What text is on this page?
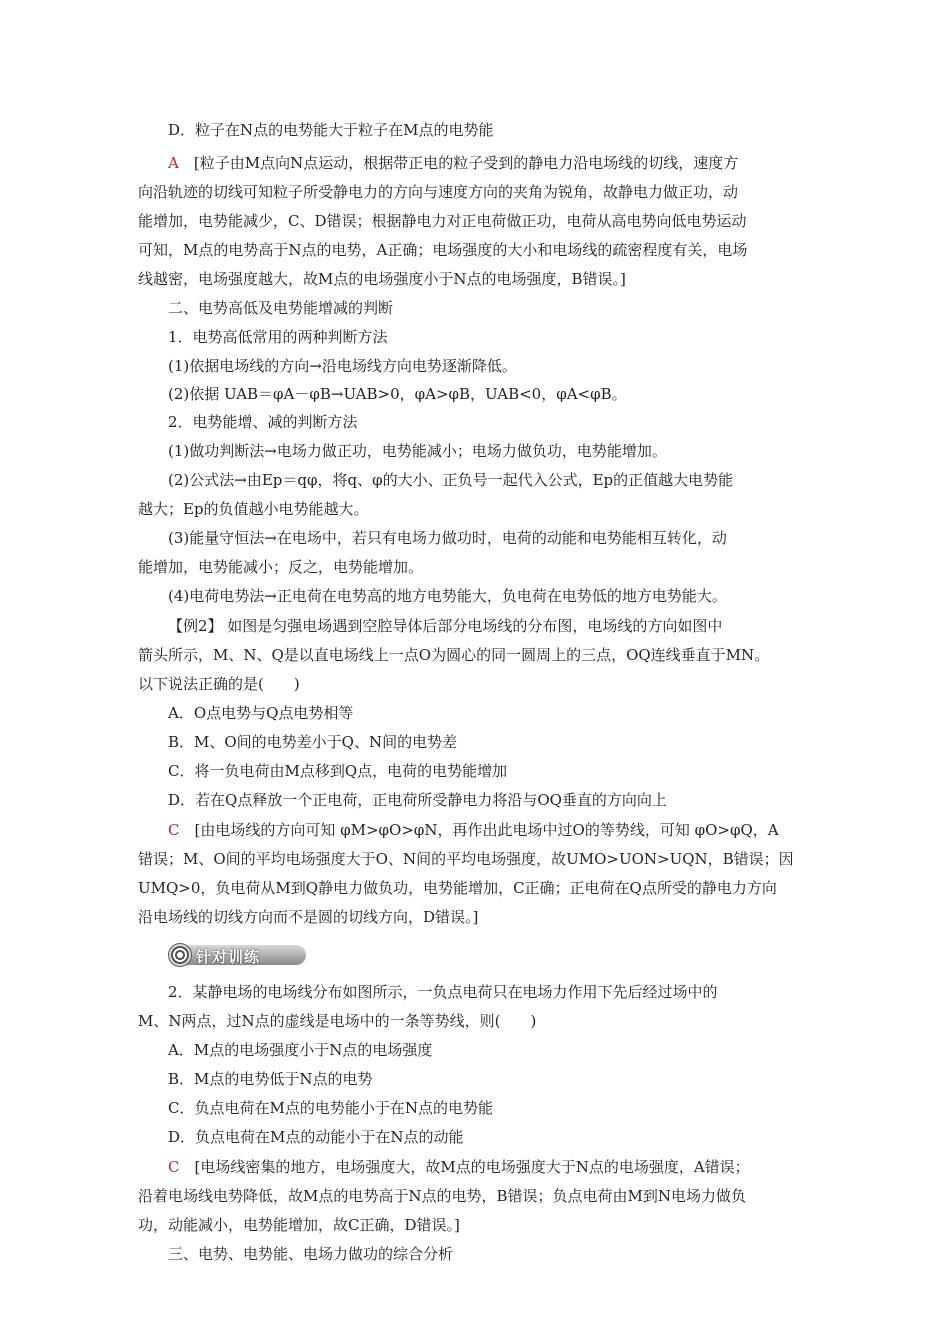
D．粒子在N点的电势能大于粒子在M点的电势能
A　 [粒子由M点向N点运动，根据带正电的粒子受到的静电力沿电场线的切线，速度方
向沿轨迹的切线可知粒子所受静电力的方向与速度方向的夹角为锐角，故静电力做正功，动
能增加，电势能减少，C、D错误；根据静电力对正电荷做正功，电荷从高电势向低电势运动
可知，M点的电势高于N点的电势，A正确；电场强度的大小和电场线的疏密程度有关，电场
线越密，电场强度越大，故M点的电场强度小于N点的电场强度，B错误。]
二、电势高低及电势能增减的判断
1．电势高低常用的两种判断方法
(1)依据电场线的方向→沿电场线方向电势逐渐降低。
(2)依据 UAB＝φA－φB→UAB>0，φA>φB，UAB<0，φA<φB。
2．电势能增、减的判断方法
(1)做功判断法→电场力做正功，电势能减小；电场力做负功，电势能增加。
(2)公式法→由Ep＝qφ，将q、φ的大小、正负号一起代入公式，Ep的正值越大电势能
越大；Ep的负值越小电势能越大。
(3)能量守恒法→在电场中，若只有电场力做功时，电荷的动能和电势能相互转化，动
能增加，电势能减小；反之，电势能增加。
(4)电荷电势法→正电荷在电势高的地方电势能大，负电荷在电势低的地方电势能大。
【例2】 如图是匀强电场遇到空腔导体后部分电场线的分布图，电场线的方向如图中
箭头所示，M、N、Q是以直电场线上一点O为圆心的同一圆周上的三点，OQ连线垂直于MN。
以下说法正确的是(　　)
A．O点电势与Q点电势相等
B．M、O间的电势差小于Q、N间的电势差
C．将一负电荷由M点移到Q点，电荷的电势能增加
D．若在Q点释放一个正电荷，正电荷所受静电力将沿与OQ垂直的方向向上
C　 [由电场线的方向可知 φM>φO>φN，再作出此电场中过O的等势线，可知 φO>φQ，A
错误；M、O间的平均电场强度大于O、N间的平均电场强度，故UMO>UON>UQN，B错误；因
UMQ>0，负电荷从M到Q静电力做负功，电势能增加，C正确；正电荷在Q点所受的静电力方向
沿电场线的切线方向而不是圆的切线方向，D错误。]
针对训练
2．某静电场的电场线分布如图所示，一负点电荷只在电场力作用下先后经过场中的
M、N两点，过N点的虚线是电场中的一条等势线，则(　　)
A．M点的电场强度小于N点的电场强度
B．M点的电势低于N点的电势
C．负点电荷在M点的电势能小于在N点的电势能
D．负点电荷在M点的动能小于在N点的动能
C　 [电场线密集的地方，电场强度大，故M点的电场强度大于N点的电场强度，A错误；
沿着电场线电势降低，故M点的电势高于N点的电势，B错误；负点电荷由M到N电场力做负
功，动能减小，电势能增加，故C正确，D错误。]
三、电势、电势能、电场力做功的综合分析
